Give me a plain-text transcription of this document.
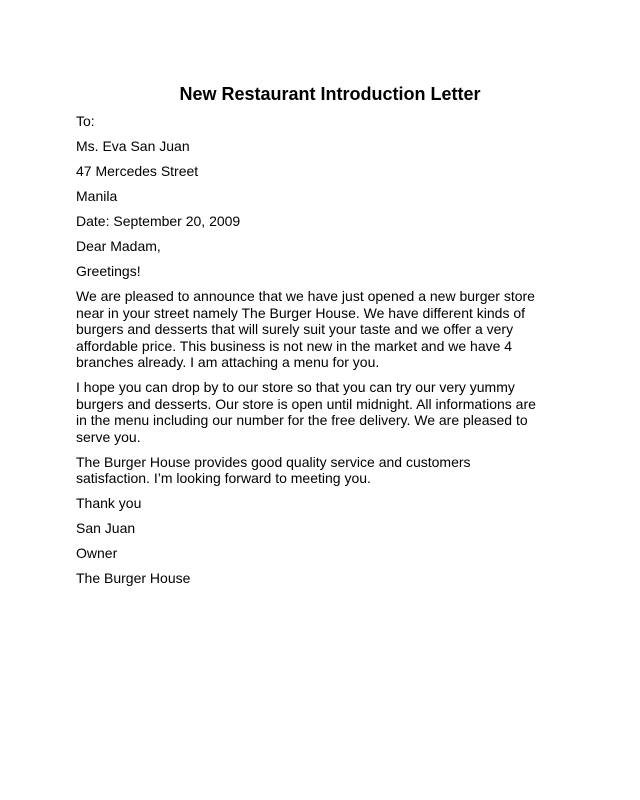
New Restaurant Introduction Letter

To:

Ms. Eva San Juan

47 Mercedes Street

Manila

Date: September 20, 2009

Dear Madam,

Greetings!

We are pleased to announce that we have just opened a new burger store
near in your street namely The Burger House. We have different kinds of
burgers and desserts that will surely suit your taste and we offer a very
affordable price. This business is not new in the market and we have 4
branches already. I am attaching a menu for you.
I hope you can drop by to our store so that you can try our very yummy
burgers and desserts. Our store is open until midnight. All informations are
in the menu including our number for the free delivery. We are pleased to
serve you.
The Burger House provides good quality service and customers
satisfaction. I’m looking forward to meeting you.

Thank you

San Juan

Owner

The Burger House
